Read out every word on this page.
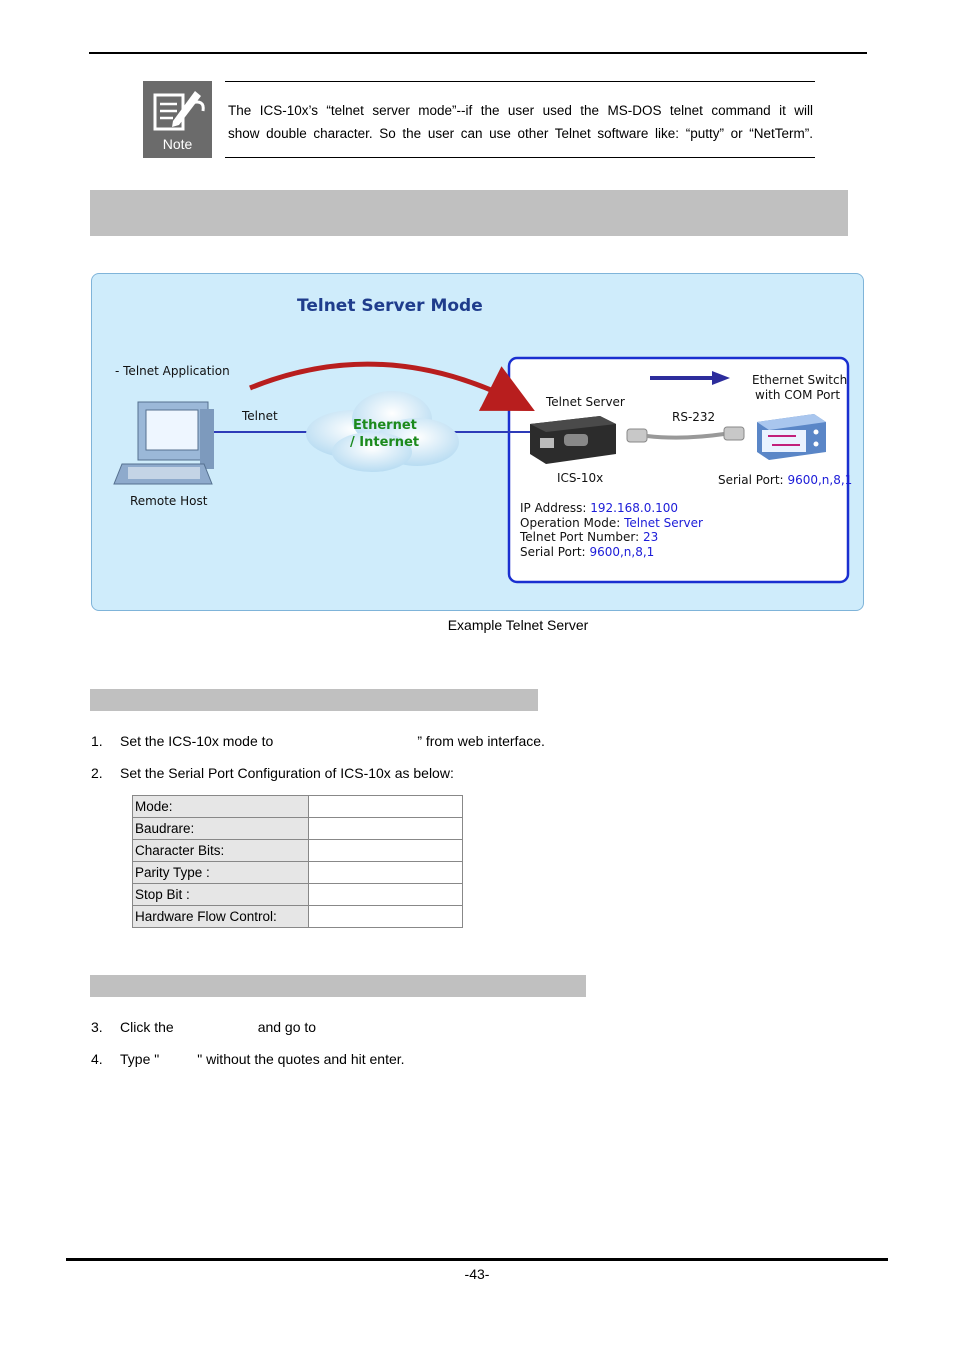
Note
The ICS-10x’s “telnet server mode”--if the user used the MS-DOS telnet command it will
show double character. So the user can use other Telnet software like: “putty” or “NetTerm”.
Telnet Server Mode
- Telnet Application
Telnet
Remote Host
Ethernet
/ Internet
Telnet Server
ICS-10x
RS-232
Ethernet Switch
with COM Port
Serial Port: 9600,n,8,1
IP Address: 192.168.0.100
Operation Mode: Telnet Server
Telnet Port Number: 23
Serial Port: 9600,n,8,1
Example Telnet Server
1. Set the ICS-10x mode to	” from web interface.
2. Set the Serial Port Configuration of ICS-10x as below:
Mode:	
Baudrare:	
Character Bits:	
Parity Type :	
Stop Bit :	
Hardware Flow Control:	
3. Click the	and go to
4. Type "	" without the quotes and hit enter.
-43-
